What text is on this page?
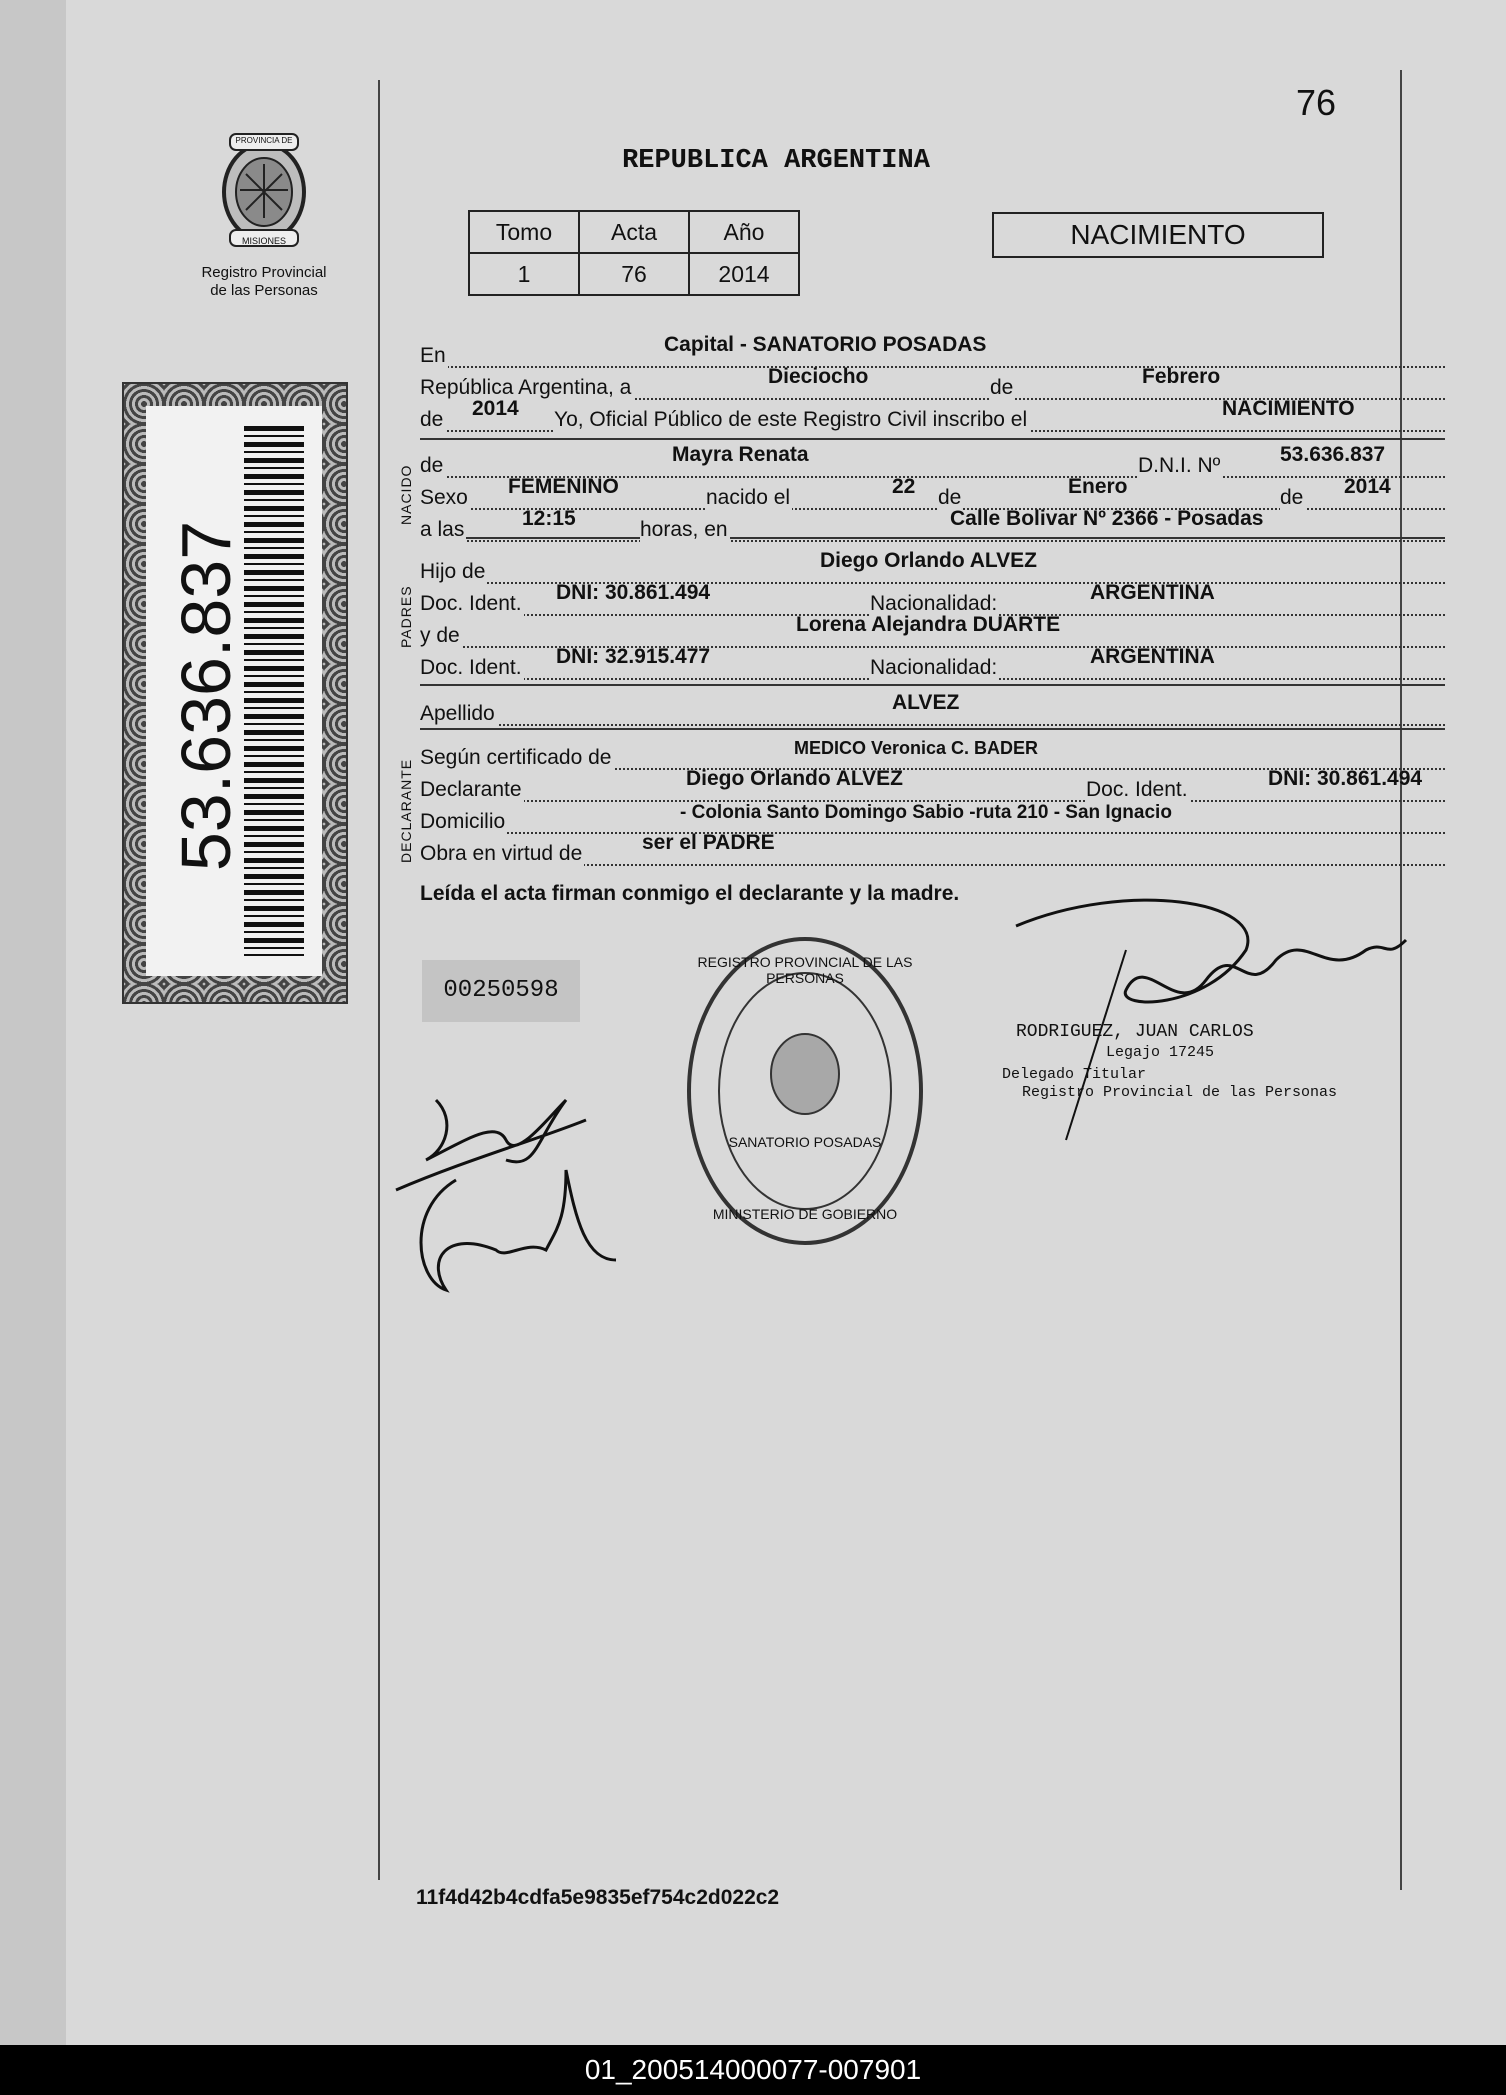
PROVINCIA DE
MISIONES
Registro Provincial
de las Personas
53.636.837
76
REPUBLICA ARGENTINA
Tomo	Acta	Año
1	76	2014
NACIMIENTO
NACIDO
PADRES
DECLARANTE
En	Capital - SANATORIO POSADAS
República Argentina, a	Dieciocho	de	Febrero
de 2014 Yo, Oficial Público de este Registro Civil inscribo el	NACIMIENTO
de	Mayra Renata	D.N.I. Nº	53.636.837
Sexo FEMENINO	nacido el	22 de	Enero	de 2014
a las	12:15	horas, en	Calle Bolivar Nº 2366 - Posadas
Hijo de	Diego Orlando ALVEZ
Doc. Ident. DNI: 30.861.494	Nacionalidad:	ARGENTINA
y de	Lorena Alejandra DUARTE
Doc. Ident. DNI: 32.915.477	Nacionalidad:	ARGENTINA
Apellido	ALVEZ
Según certificado de	MEDICO Veronica C. BADER
Declarante	Diego Orlando ALVEZ	Doc. Ident.	DNI: 30.861.494
Domicilio	- Colonia Santo Domingo Sabio -ruta 210 - San Ignacio
Obra en virtud de	ser el PADRE
Leída el acta firman conmigo el declarante y la madre.
00250598
REGISTRO PROVINCIAL DE LAS PERSONAS
SANATORIO POSADAS
MINISTERIO DE GOBIERNO
RODRIGUEZ, JUAN CARLOS
Legajo 17245
Delegado Titular
Registro Provincial de las Personas
11f4d42b4cdfa5e9835ef754c2d022c2
01_200514000077-007901
